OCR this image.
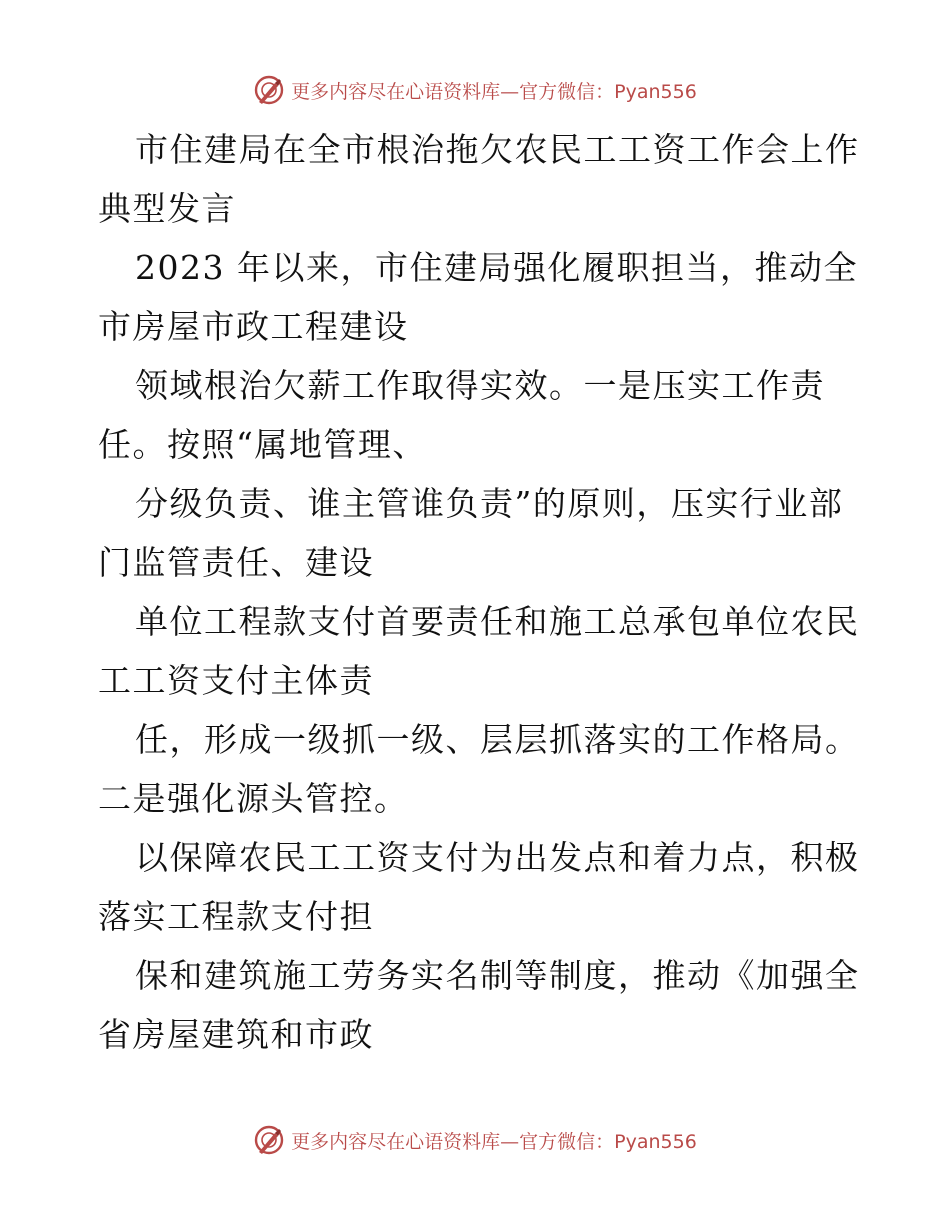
更多内容尽在心语资料库—官方微信：Pyan556
市住建局在全市根治拖欠农民工工资工作会上作
典型发言
2023 年以来，市住建局强化履职担当，推动全
市房屋市政工程建设
领域根治欠薪工作取得实效。一是压实工作责
任。按照“属地管理、
分级负责、谁主管谁负责”的原则，压实行业部
门监管责任、建设
单位工程款支付首要责任和施工总承包单位农民
工工资支付主体责
任，形成一级抓一级、层层抓落实的工作格局。
二是强化源头管控。
以保障农民工工资支付为出发点和着力点，积极
落实工程款支付担
保和建筑施工劳务实名制等制度，推动《加强全
省房屋建筑和市政
更多内容尽在心语资料库—官方微信：Pyan556
